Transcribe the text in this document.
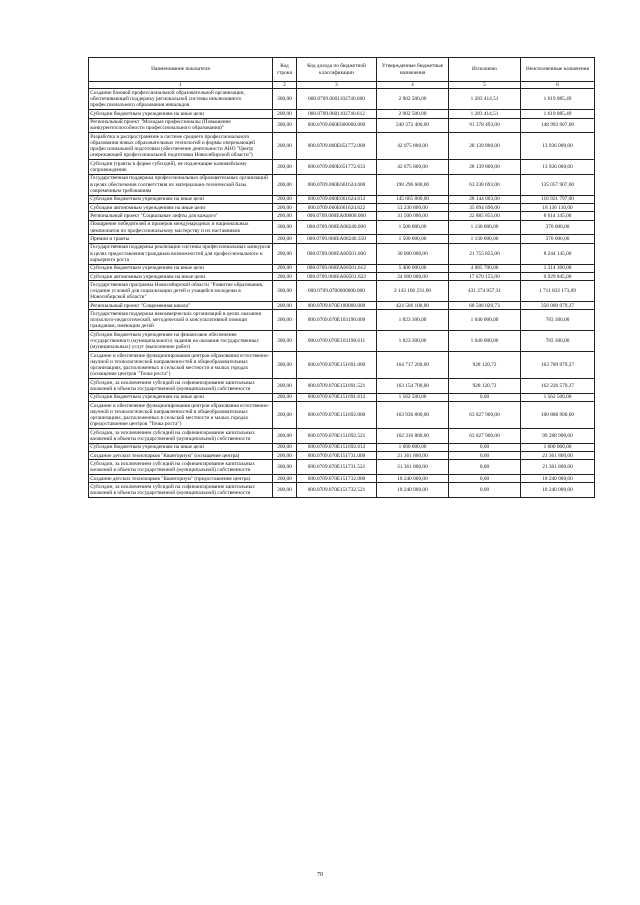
Наименование показателя	Код строки	Код дохода по бюджетной классификации	Утвержденные бюджетные назначения	Исполнено	Неисполненные назначения
1	2	3	4	5	6
Создание базовой профессиональной образовательной организации, обеспечивающей поддержку региональной системы инклюзивного профессионального образования инвалидов	200,00	000.0709.0601102740.000	2 902 500,00	1 283 414,51	1 619 085,49
Субсидии бюджетным учреждениям на иные цели	200,00	000.0709.0601102740.612	2 902 500,00	1 283 414,51	1 619 085,49
Региональный проект "Молодые профессионалы (Повышение конкурентоспособности профессионального образования)"	200,00	000.0709.060E600000.000	240 372 400,00	91 378 493,00	148 993 907,00
Разработка и распространение в системе среднего профессионального образования новых образовательных технологий и формы опережающей профессиональной подготовки (обеспечение деятельности АНО "Центр опережающей профессиональной подготовки Новосибирской области")	200,00	000.0709.060E651772.000	42 075 800,00	28 139 800,00	13 936 000,00
Субсидии (гранты в форме субсидий), не подлежащие казначейскому сопровождению	200,00	000.0709.060E651772.633	42 075 800,00	28 139 800,00	13 936 000,00
Государственная поддержка профессиональных образовательных организаций в целях обеспечения соответствия их материально-технической базы современным требованиям	200,00	000.0709.060E661624.000	198 296 600,00	63 238 693,00	135 057 907,00
Субсидии бюджетным учреждениям на иные цели	200,00	000.0709.060E661624.612	145 065 800,00	28 144 003,00	116 921 797,00
Субсидии автономным учреждениям на иные цели	200,00	000.0709.060E661624.622	53 230 800,00	35 094 690,00	18 136 110,00
Региональный проект "Социальные лифты для каждого"	200,00	000.0709.060EA00000.000	31 500 000,00	22 885 855,00	8 614 145,00
Поощрение победителей и призеров международных и национальных чемпионатов по профессиональному мастерству и их наставников	200,00	000.0709.060EA08240.000	1 500 000,00	1 130 000,00	370 000,00
Премии и гранты	200,00	000.0709.060EA08240.350	1 500 000,00	1 130 000,00	370 000,00
Государственная поддержка реализации системы профессиональных конкурсов в целях предоставления гражданам возможностей для профессионального и карьерного роста	200,00	000.0709.060EA60501.000	30 000 000,00	21 755 855,00	8 244 145,00
Субсидии бюджетным учреждениям на иные цели	200,00	000.0709.060EA60501.612	5 400 000,00	4 085 700,00	1 314 300,00
Субсидии автономным учреждениям на иные цели	200,00	000.0709.060EA60501.622	24 600 000,00	17 670 155,00	6 929 845,00
Государственная программа Новосибирской области "Развитие образования, создание условий для социализации детей и учащейся молодежи в Новосибирской области"	200,00	000.0709.0700000000.000	2 143 106 231,00	431 274 057,31	1 711 832 173,69
Региональный проект "Современная школа"	200,00	000.0709.070E100000.000	424 506 100,00	68 506 020,73	356 000 079,27
Государственная поддержка некоммерческих организаций в целях оказания психолого-педагогической, методической и консультативной помощи гражданам, имеющим детей	200,00	000.0709.070E103190.000	1 823 300,00	1 040 000,00	783 300,00
Субсидии бюджетным учреждениям на финансовое обеспечение государственного (муниципального) задания на оказание государственных (муниципальных) услуг (выполнение работ)	200,00	000.0709.070E103190.611	1 823 300,00	1 040 000,00	783 300,00
Создание и обеспечение функционирования центров образования естественно-научной и технологической направленностей в общеобразовательных организациях, расположенных в сельской местности и малых городах (оснащение центров "Точка роста")	200,00	000.0709.070E151691.000	164 717 200,00	928 120,73	163 789 079,27
Субсидии, за исключением субсидий на софинансирование капитальных вложений в объекты государственной (муниципальной) собственности	200,00	000.0709.070E151691.521	163 154 700,00	928 120,73	162 226 579,27
Субсидии бюджетным учреждениям на иные цели	200,00	000.0709.070E151691.612	1 562 500,00	0,00	1 562 500,00
Создание и обеспечение функционирования центров образования естественно-научной и технологической направленностей в общеобразовательных организациях, расположенных в сельской местности и малых городах (предоставление центров "Точка роста")	200,00	000.0709.070E151692.000	163 936 800,00	63 027 900,00	100 888 900,00
Субсидии, за исключением субсидий на софинансирование капитальных вложений в объекты государственной (муниципальной) собственности	200,00	000.0709.070E151692.521	162 316 800,00	63 027 900,00	99 288 900,00
Субсидии бюджетным учреждениям на иные цели	200,00	000.0709.070E151692.612	1 600 000,00	0,00	1 600 000,00
Создание детских технопарков "Кванториум" (оснащение центра)	200,00	000.0709.070E151731.000	21 361 800,00	0,00	21 361 800,00
Субсидии, за исключением субсидий на софинансирование капитальных вложений в объекты государственной (муниципальной) собственности	200,00	000.0709.070E151731.521	21 361 800,00	0,00	21 361 800,00
Создание детских технопарков "Кванториум" (предоставление центра)	200,00	000.0709.070E151732.000	18 240 000,00	0,00	18 240 000,00
Субсидии, за исключением субсидий на софинансирование капитальных вложений в объекты государственной (муниципальной) собственности	200,00	000.0709.070E151732.521	18 240 000,00	0,00	18 240 000,00
70
